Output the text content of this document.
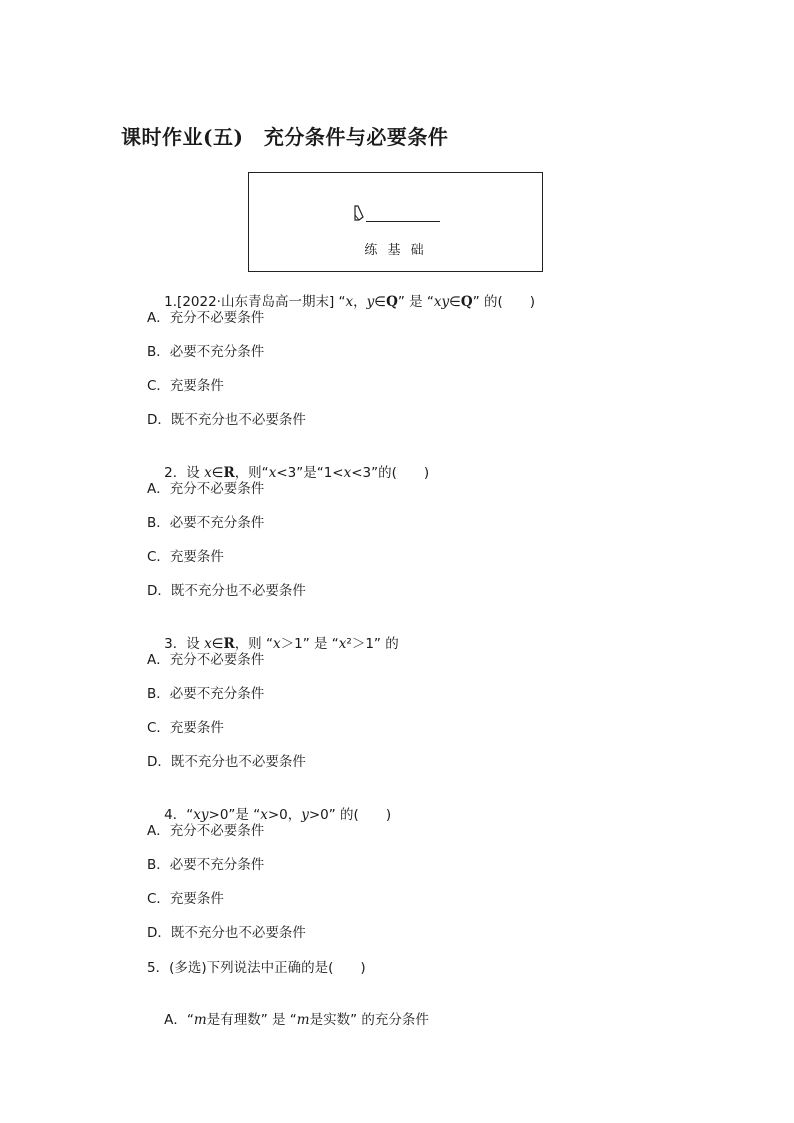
课时作业(五)　充分条件与必要条件
练 基 础

1.[2022·山东青岛高一期末] “x，y∈Q” 是 “xy∈Q” 的(　　)

A．充分不必要条件
B．必要不充分条件
C．充要条件
D．既不充分也不必要条件

2．设 x∈R，则“x<3”是“1<x<3”的(　　)

A．充分不必要条件
B．必要不充分条件
C．充要条件
D．既不充分也不必要条件

3．设 x∈R，则 “x＞1” 是 “x²＞1” 的

A．充分不必要条件
B．必要不充分条件
C．充要条件
D．既不充分也不必要条件

4．“xy>0”是 “x>0，y>0” 的(　　)

A．充分不必要条件
B．必要不充分条件
C．充要条件
D．既不充分也不必要条件
5．(多选)下列说法中正确的是(　　)

A．“m是有理数” 是 “m是实数” 的充分条件
